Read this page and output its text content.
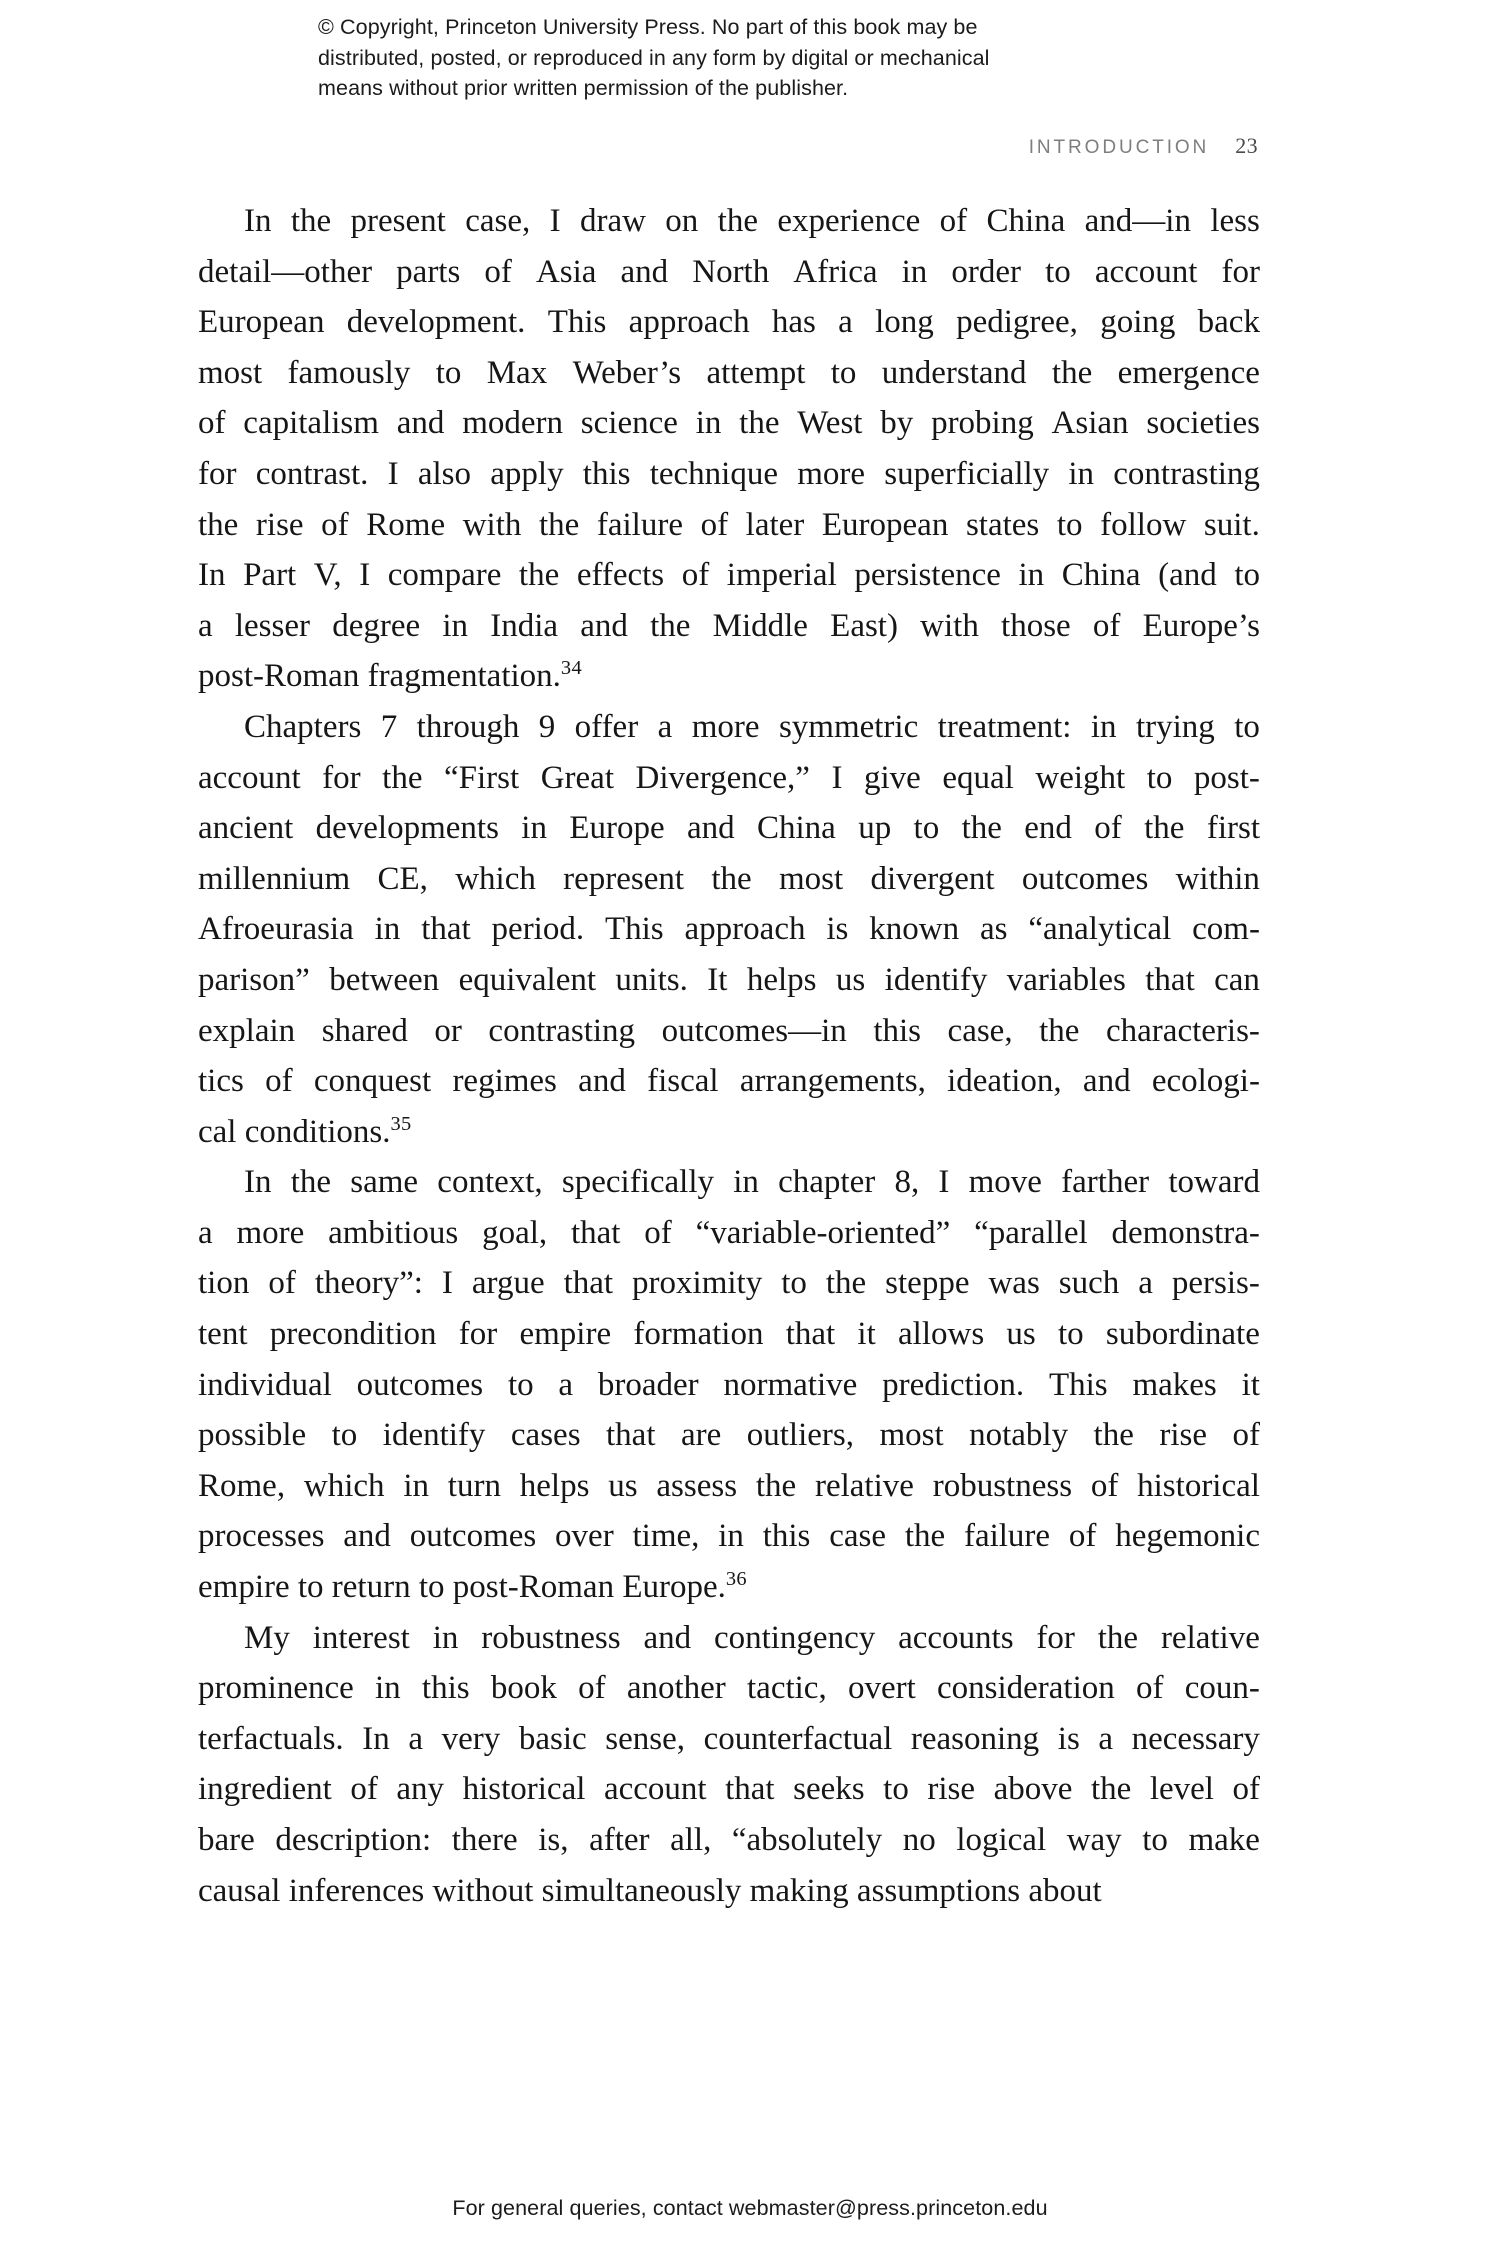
© Copyright, Princeton University Press. No part of this book may be
distributed, posted, or reproduced in any form by digital or mechanical
means without prior written permission of the publisher.
INTRODUCTION 23
In the present case, I draw on the experience of China and—in less
detail—other parts of Asia and North Africa in order to account for
European development. This approach has a long pedigree, going back
most famously to Max Weber’s attempt to understand the emergence
of capitalism and modern science in the West by probing Asian societies
for contrast. I also apply this technique more superficially in contrasting
the rise of Rome with the failure of later European states to follow suit.
In Part V, I compare the effects of imperial persistence in China (and to
a lesser degree in India and the Middle East) with those of Europe’s
post-Roman fragmentation.$^{34}$
Chapters 7 through 9 offer a more symmetric treatment: in trying to
account for the “First Great Divergence,” I give equal weight to post-
ancient developments in Europe and China up to the end of the first
millennium CE, which represent the most divergent outcomes within
Afroeurasia in that period. This approach is known as “analytical com-
parison” between equivalent units. It helps us identify variables that can
explain shared or contrasting outcomes—in this case, the characteris-
tics of conquest regimes and fiscal arrangements, ideation, and ecologi-
cal conditions.$^{35}$
In the same context, specifically in chapter 8, I move farther toward
a more ambitious goal, that of “variable-oriented” “parallel demonstra-
tion of theory”: I argue that proximity to the steppe was such a persis-
tent precondition for empire formation that it allows us to subordinate
individual outcomes to a broader normative prediction. This makes it
possible to identify cases that are outliers, most notably the rise of
Rome, which in turn helps us assess the relative robustness of historical
processes and outcomes over time, in this case the failure of hegemonic
empire to return to post-Roman Europe.$^{36}$
My interest in robustness and contingency accounts for the relative
prominence in this book of another tactic, overt consideration of coun-
terfactuals. In a very basic sense, counterfactual reasoning is a necessary
ingredient of any historical account that seeks to rise above the level of
bare description: there is, after all, “absolutely no logical way to make
causal inferences without simultaneously making assumptions about
For general queries, contact webmaster@press.princeton.edu
